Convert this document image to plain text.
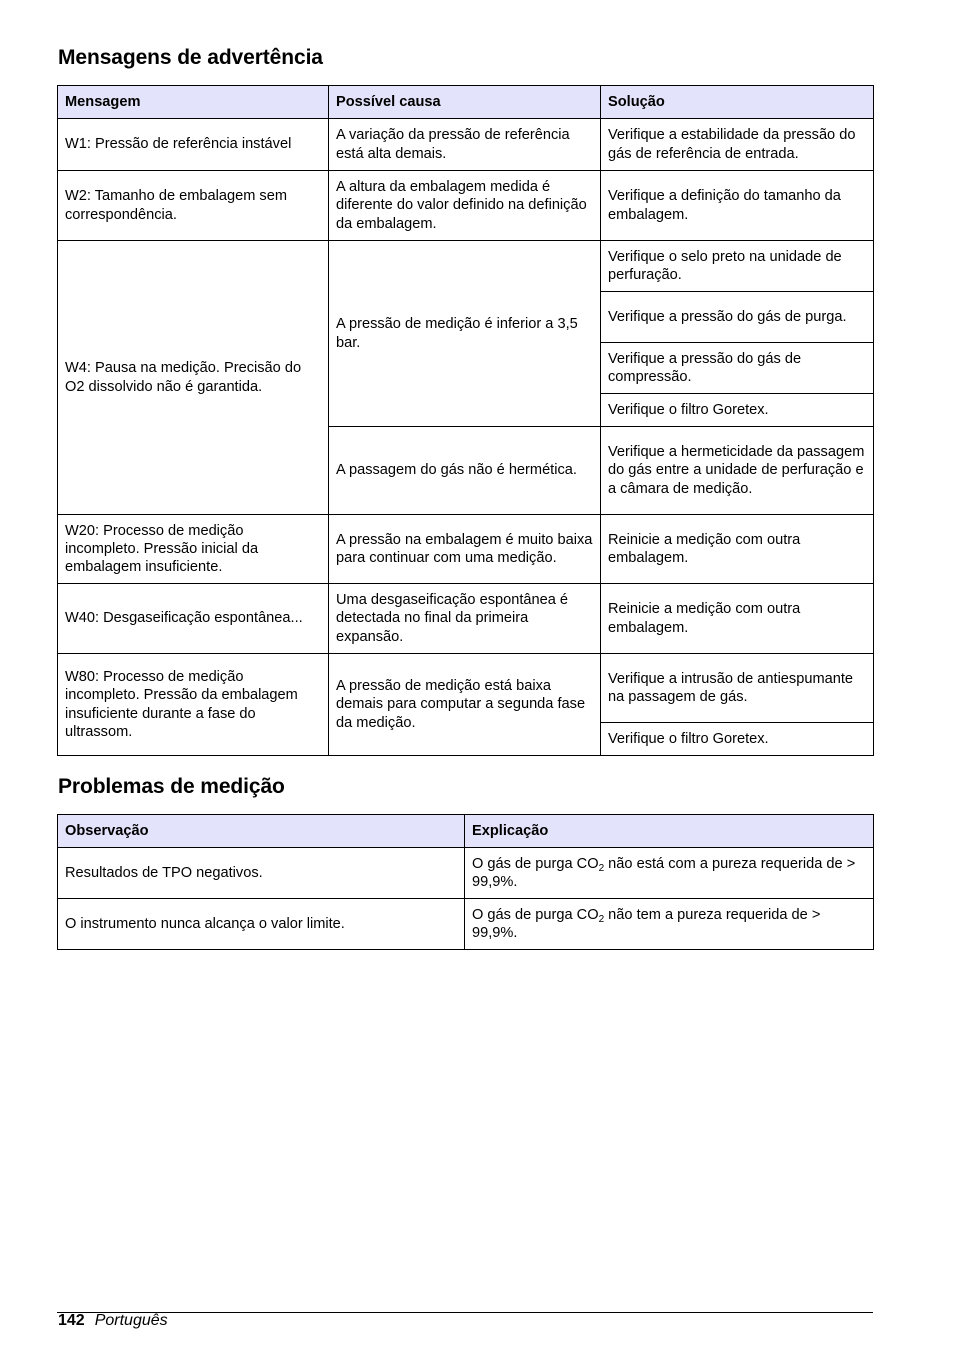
Mensagens de advertência
Mensagem	Possível causa	Solução
W1: Pressão de referência instável	A variação da pressão de referência está alta demais.	Verifique a estabilidade da pressão do gás de referência de entrada.
W2: Tamanho de embalagem sem correspondência.	A altura da embalagem medida é diferente do valor definido na definição da embalagem.	Verifique a definição do tamanho da embalagem.
W4: Pausa na medição. Precisão do O2 dissolvido não é garantida.	A pressão de medição é inferior a 3,5 bar.	Verifique o selo preto na unidade de perfuração.
		Verifique a pressão do gás de purga.
		Verifique a pressão do gás de compressão.
		Verifique o filtro Goretex.
	A passagem do gás não é hermética.	Verifique a hermeticidade da passagem do gás entre a unidade de perfuração e a câmara de medição.
W20: Processo de medição incompleto. Pressão inicial da embalagem insuficiente.	A pressão na embalagem é muito baixa para continuar com uma medição.	Reinicie a medição com outra embalagem.
W40: Desgaseificação espontânea...	Uma desgaseificação espontânea é detectada no final da primeira expansão.	Reinicie a medição com outra embalagem.
W80: Processo de medição incompleto. Pressão da embalagem insuficiente durante a fase do ultrassom.	A pressão de medição está baixa demais para computar a segunda fase da medição.	Verifique a intrusão de antiespumante na passagem de gás.
		Verifique o filtro Goretex.
Problemas de medição
Observação	Explicação
Resultados de TPO negativos.	O gás de purga $CO_2$ não está com a pureza requerida de > 99,9%.
O instrumento nunca alcança o valor limite.	O gás de purga $CO_2$ não tem a pureza requerida de > 99,9%.
142 Português
